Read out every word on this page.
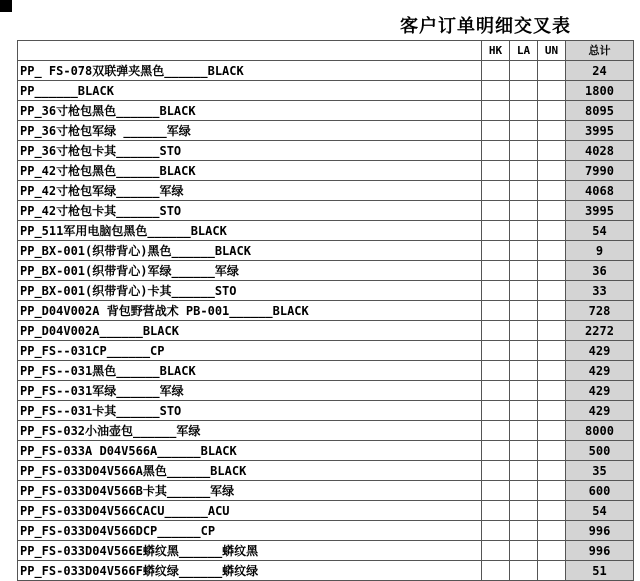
客户订单明细交叉表
	HK	LA	UN	总计
PP_ FS-078双联弹夹黑色______BLACK				24
PP______BLACK				1800
PP_36寸枪包黑色______BLACK				8095
PP_36寸枪包军绿 ______军绿				3995
PP_36寸枪包卡其______STO				4028
PP_42寸枪包黑色______BLACK				7990
PP_42寸枪包军绿______军绿				4068
PP_42寸枪包卡其______STO				3995
PP_511军用电脑包黑色______BLACK				54
PP_BX-001(织带背心)黑色______BLACK				9
PP_BX-001(织带背心)军绿______军绿				36
PP_BX-001(织带背心)卡其______STO				33
PP_D04V002A 背包野营战术 PB-001______BLACK				728
PP_D04V002A______BLACK				2272
PP_FS--031CP______CP				429
PP_FS--031黑色______BLACK				429
PP_FS--031军绿______军绿				429
PP_FS--031卡其______STO				429
PP_FS-032小油壶包______军绿				8000
PP_FS-033A D04V566A______BLACK				500
PP_FS-033D04V566A黑色______BLACK				35
PP_FS-033D04V566B卡其______军绿				600
PP_FS-033D04V566CACU______ACU				54
PP_FS-033D04V566DCP______CP				996
PP_FS-033D04V566E蟒纹黑______蟒纹黑				996
PP_FS-033D04V566F蟒纹绿______蟒纹绿				51
